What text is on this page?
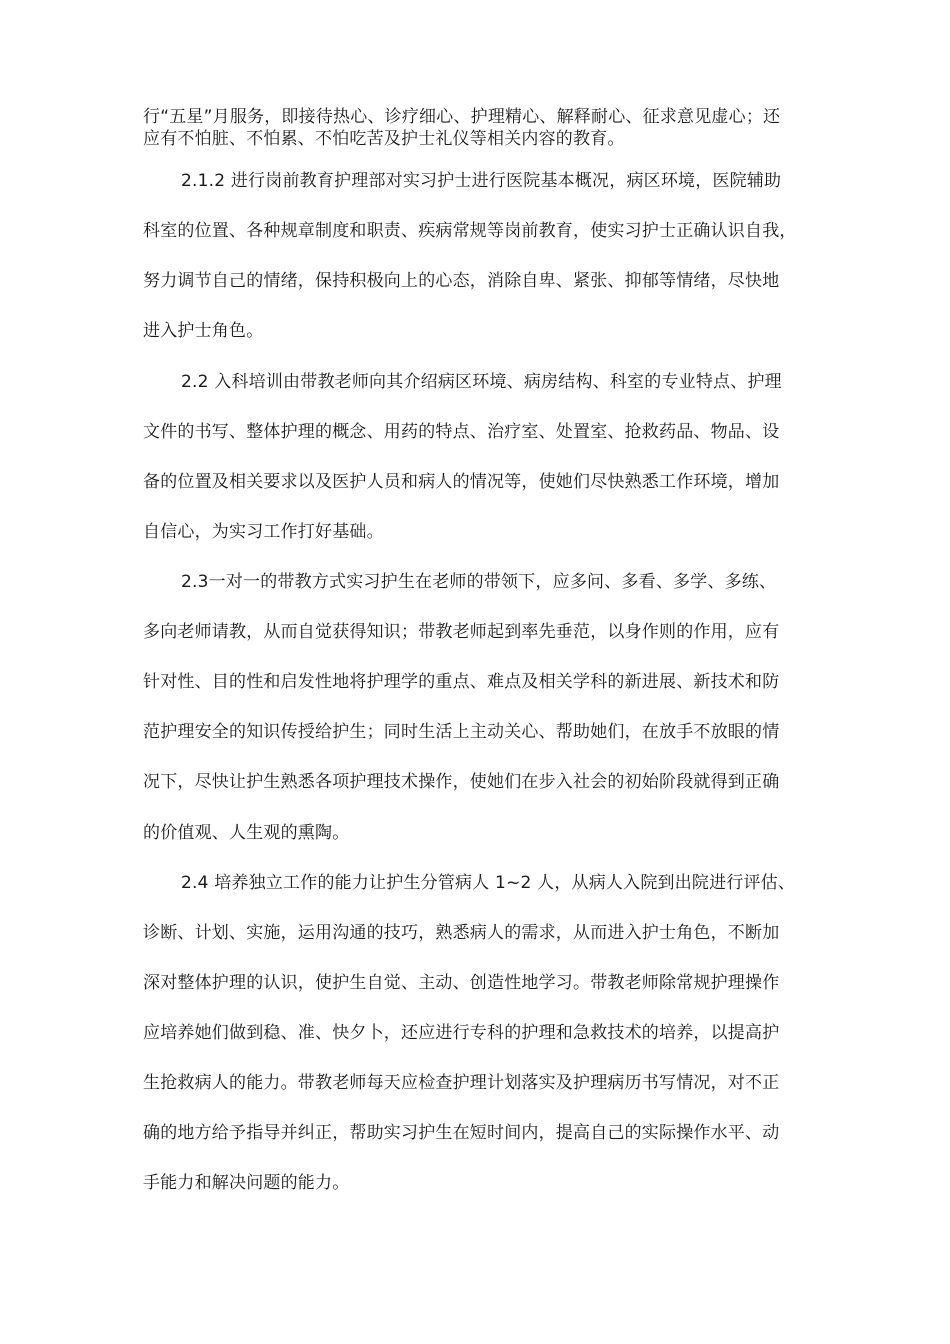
行“五星”月服务，即接待热心、诊疗细心、护理精心、解释耐心、征求意见虚心；还
应有不怕脏、不怕累、不怕吃苦及护士礼仪等相关内容的教育。
2.1.2 进行岗前教育护理部对实习护士进行医院基本概况，病区环境，医院辅助
科室的位置、各种规章制度和职责、疾病常规等岗前教育，使实习护士正确认识自我，
努力调节自己的情绪，保持积极向上的心态，消除自卑、紧张、抑郁等情绪，尽快地
进入护士角色。
2.2 入科培训由带教老师向其介绍病区环境、病房结构、科室的专业特点、护理
文件的书写、整体护理的概念、用药的特点、治疗室、处置室、抢救药品、物品、设
备的位置及相关要求以及医护人员和病人的情况等，使她们尽快熟悉工作环境，增加
自信心，为实习工作打好基础。
2.3一对一的带教方式实习护生在老师的带领下，应多问、多看、多学、多练、
多向老师请教，从而自觉获得知识；带教老师起到率先垂范，以身作则的作用，应有
针对性、目的性和启发性地将护理学的重点、难点及相关学科的新进展、新技术和防
范护理安全的知识传授给护生；同时生活上主动关心、帮助她们，在放手不放眼的情
况下，尽快让护生熟悉各项护理技术操作，使她们在步入社会的初始阶段就得到正确
的价值观、人生观的熏陶。
2.4 培养独立工作的能力让护生分管病人 1~2 人，从病人入院到出院进行评估、
诊断、计划、实施，运用沟通的技巧，熟悉病人的需求，从而进入护士角色，不断加
深对整体护理的认识，使护生自觉、主动、创造性地学习。带教老师除常规护理操作
应培养她们做到稳、准、快夕卜，还应进行专科的护理和急救技术的培养，以提高护
生抢救病人的能力。带教老师每天应检查护理计划落实及护理病历书写情况，对不正
确的地方给予指导并纠正，帮助实习护生在短时间内，提高自己的实际操作水平、动
手能力和解决问题的能力。
